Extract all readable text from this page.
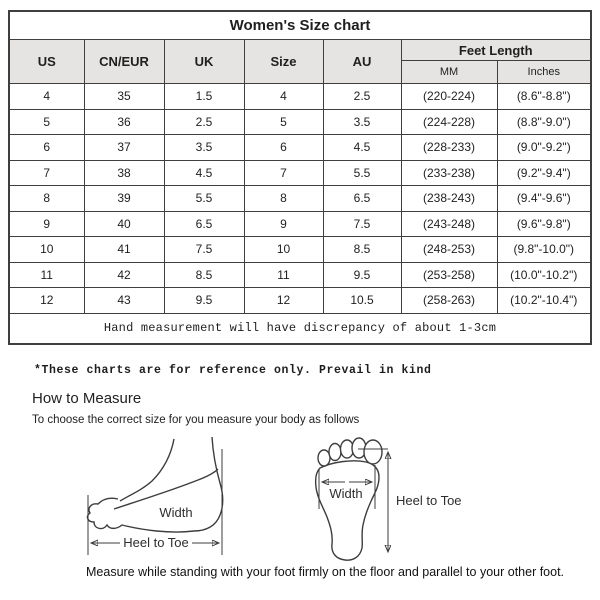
Women's Size chart						
US	CN/EUR	UK	Size	AU	Feet Length	
					MM	Inches
4	35	1.5	4	2.5	(220-224)	(8.6"-8.8")
5	36	2.5	5	3.5	(224-228)	(8.8"-9.0")
6	37	3.5	6	4.5	(228-233)	(9.0"-9.2")
7	38	4.5	7	5.5	(233-238)	(9.2"-9.4")
8	39	5.5	8	6.5	(238-243)	(9.4"-9.6")
9	40	6.5	9	7.5	(243-248)	(9.6"-9.8")
10	41	7.5	10	8.5	(248-253)	(9.8"-10.0")
11	42	8.5	11	9.5	(253-258)	(10.0"-10.2")
12	43	9.5	12	10.5	(258-263)	(10.2"-10.4")
Hand measurement will have discrepancy of about 1-3cm						
*These charts are for reference only. Prevail in kind
How to Measure
To choose the correct size for you measure your body as follows
Width
Heel to Toe
Width	Heel to Toe
Measure while standing with your foot firmly on the floor and parallel to your other foot.
